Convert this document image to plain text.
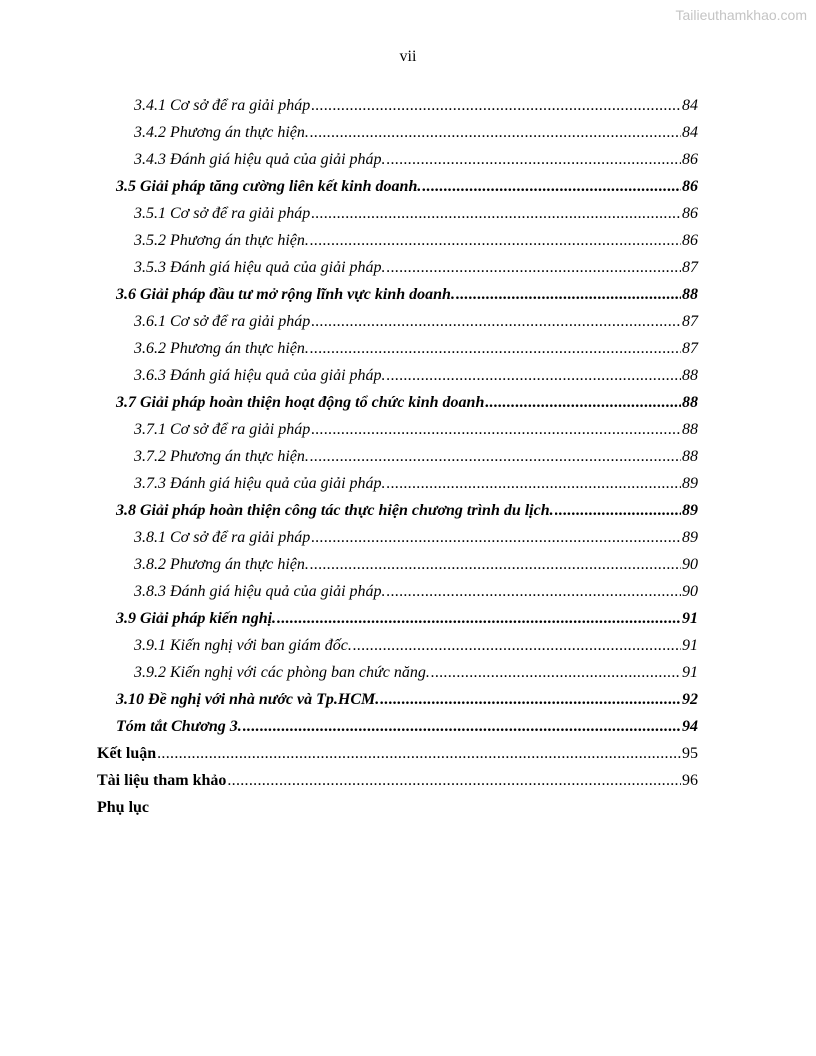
Tailieuthamkhao.com
vii
3.4.1 Cơ sở để ra giải pháp .....	84
3.4.2 Phương án thực hiện. .....	84
3.4.3 Đánh giá hiệu quả của giải pháp. .....	86
3.5 Giải pháp tăng cường liên kết kinh doanh. .....	86
3.5.1 Cơ sở để ra giải pháp .....	86
3.5.2 Phương án thực hiện. .....	86
3.5.3 Đánh giá hiệu quả của giải pháp. .....	87
3.6 Giải pháp đầu tư mở rộng lĩnh vực kinh doanh. .....	88
3.6.1 Cơ sở để ra giải pháp .....	87
3.6.2 Phương án thực hiện. .....	87
3.6.3 Đánh giá hiệu quả của giải pháp. .....	88
3.7 Giải pháp hoàn thiện hoạt động tổ chức kinh doanh .....	88
3.7.1 Cơ sở để ra giải pháp .....	88
3.7.2 Phương án thực hiện. .....	88
3.7.3 Đánh giá hiệu quả của giải pháp. .....	89
3.8 Giải pháp hoàn thiện công tác thực hiện chương trình du lịch. .....	89
3.8.1 Cơ sở để ra giải pháp .....	89
3.8.2 Phương án thực hiện. .....	90
3.8.3 Đánh giá hiệu quả của giải pháp. .....	90
3.9 Giải pháp kiến nghị. .....	91
3.9.1 Kiến nghị với ban giám đốc. .....	91
3.9.2 Kiến nghị với các phòng ban chức năng. .....	91
3.10 Đề nghị với nhà nước và Tp.HCM. .....	92
Tóm tắt Chương 3. .....	94
Kết luận .....	95
Tài liệu tham khảo .....	96
Phụ lục
